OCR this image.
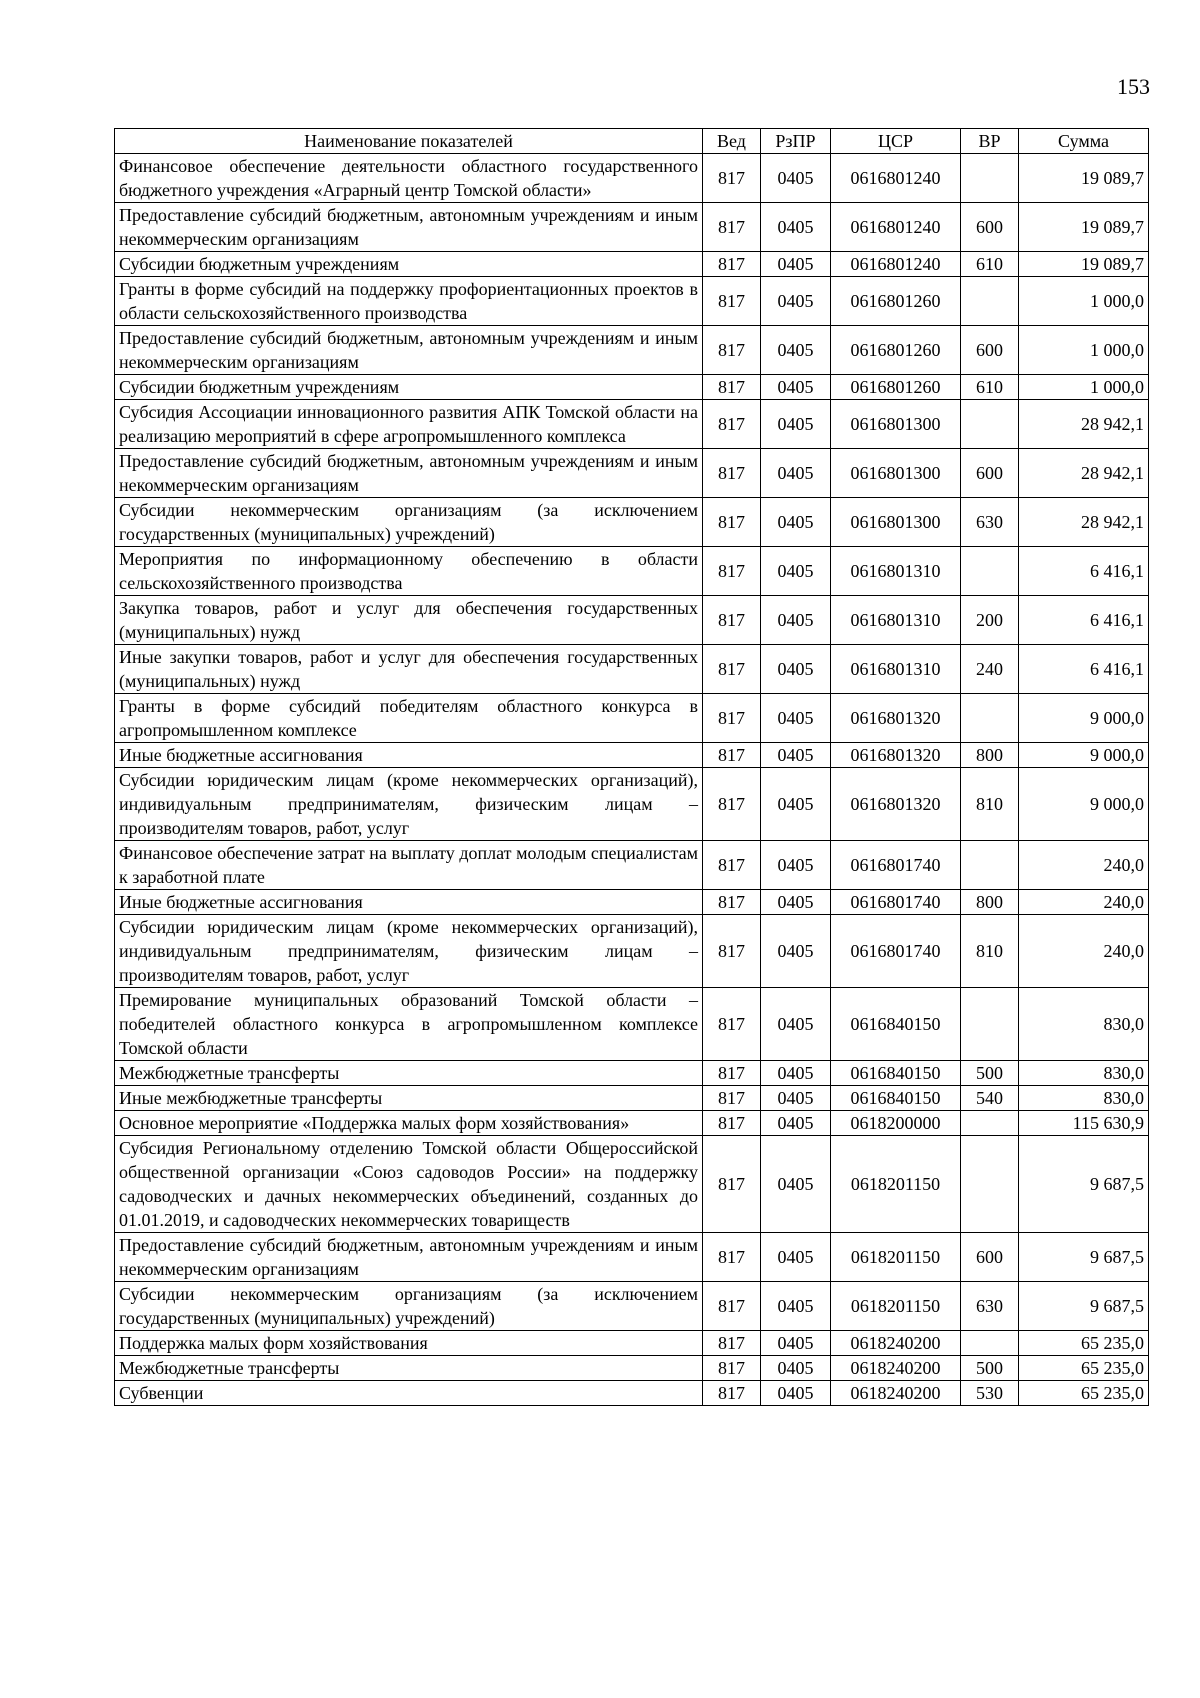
153
Наименование показателей	Вед	РзПР	ЦСР	ВР	Сумма
Финансовое обеспечение деятельности областного государственного бюджетного учреждения «Аграрный центр Томской области»	817	0405	0616801240		19 089,7
Предоставление субсидий бюджетным, автономным учреждениям и иным некоммерческим организациям	817	0405	0616801240	600	19 089,7
Субсидии бюджетным учреждениям	817	0405	0616801240	610	19 089,7
Гранты в форме субсидий на поддержку профориентационных проектов в области сельскохозяйственного производства	817	0405	0616801260		1 000,0
Предоставление субсидий бюджетным, автономным учреждениям и иным некоммерческим организациям	817	0405	0616801260	600	1 000,0
Субсидии бюджетным учреждениям	817	0405	0616801260	610	1 000,0
Субсидия Ассоциации инновационного развития АПК Томской области на реализацию мероприятий в сфере агропромышленного комплекса	817	0405	0616801300		28 942,1
Предоставление субсидий бюджетным, автономным учреждениям и иным некоммерческим организациям	817	0405	0616801300	600	28 942,1
Субсидии некоммерческим организациям (за исключением государственных (муниципальных) учреждений)	817	0405	0616801300	630	28 942,1
Мероприятия по информационному обеспечению в области сельскохозяйственного производства	817	0405	0616801310		6 416,1
Закупка товаров, работ и услуг для обеспечения государственных (муниципальных) нужд	817	0405	0616801310	200	6 416,1
Иные закупки товаров, работ и услуг для обеспечения государственных (муниципальных) нужд	817	0405	0616801310	240	6 416,1
Гранты в форме субсидий победителям областного конкурса в агропромышленном комплексе	817	0405	0616801320		9 000,0
Иные бюджетные ассигнования	817	0405	0616801320	800	9 000,0
Субсидии юридическим лицам (кроме некоммерческих организаций), индивидуальным предпринимателям, физическим лицам – производителям товаров, работ, услуг	817	0405	0616801320	810	9 000,0
Финансовое обеспечение затрат на выплату доплат молодым специалистам к заработной плате	817	0405	0616801740		240,0
Иные бюджетные ассигнования	817	0405	0616801740	800	240,0
Субсидии юридическим лицам (кроме некоммерческих организаций), индивидуальным предпринимателям, физическим лицам – производителям товаров, работ, услуг	817	0405	0616801740	810	240,0
Премирование муниципальных образований Томской области – победителей областного конкурса в агропромышленном комплексе Томской области	817	0405	0616840150		830,0
Межбюджетные трансферты	817	0405	0616840150	500	830,0
Иные межбюджетные трансферты	817	0405	0616840150	540	830,0
Основное мероприятие «Поддержка малых форм хозяйствования»	817	0405	0618200000		115 630,9
Субсидия Региональному отделению Томской области Общероссийской общественной организации «Союз садоводов России» на поддержку садоводческих и дачных некоммерческих объединений, созданных до 01.01.2019, и садоводческих некоммерческих товариществ	817	0405	0618201150		9 687,5
Предоставление субсидий бюджетным, автономным учреждениям и иным некоммерческим организациям	817	0405	0618201150	600	9 687,5
Субсидии некоммерческим организациям (за исключением государственных (муниципальных) учреждений)	817	0405	0618201150	630	9 687,5
Поддержка малых форм хозяйствования	817	0405	0618240200		65 235,0
Межбюджетные трансферты	817	0405	0618240200	500	65 235,0
Субвенции	817	0405	0618240200	530	65 235,0
